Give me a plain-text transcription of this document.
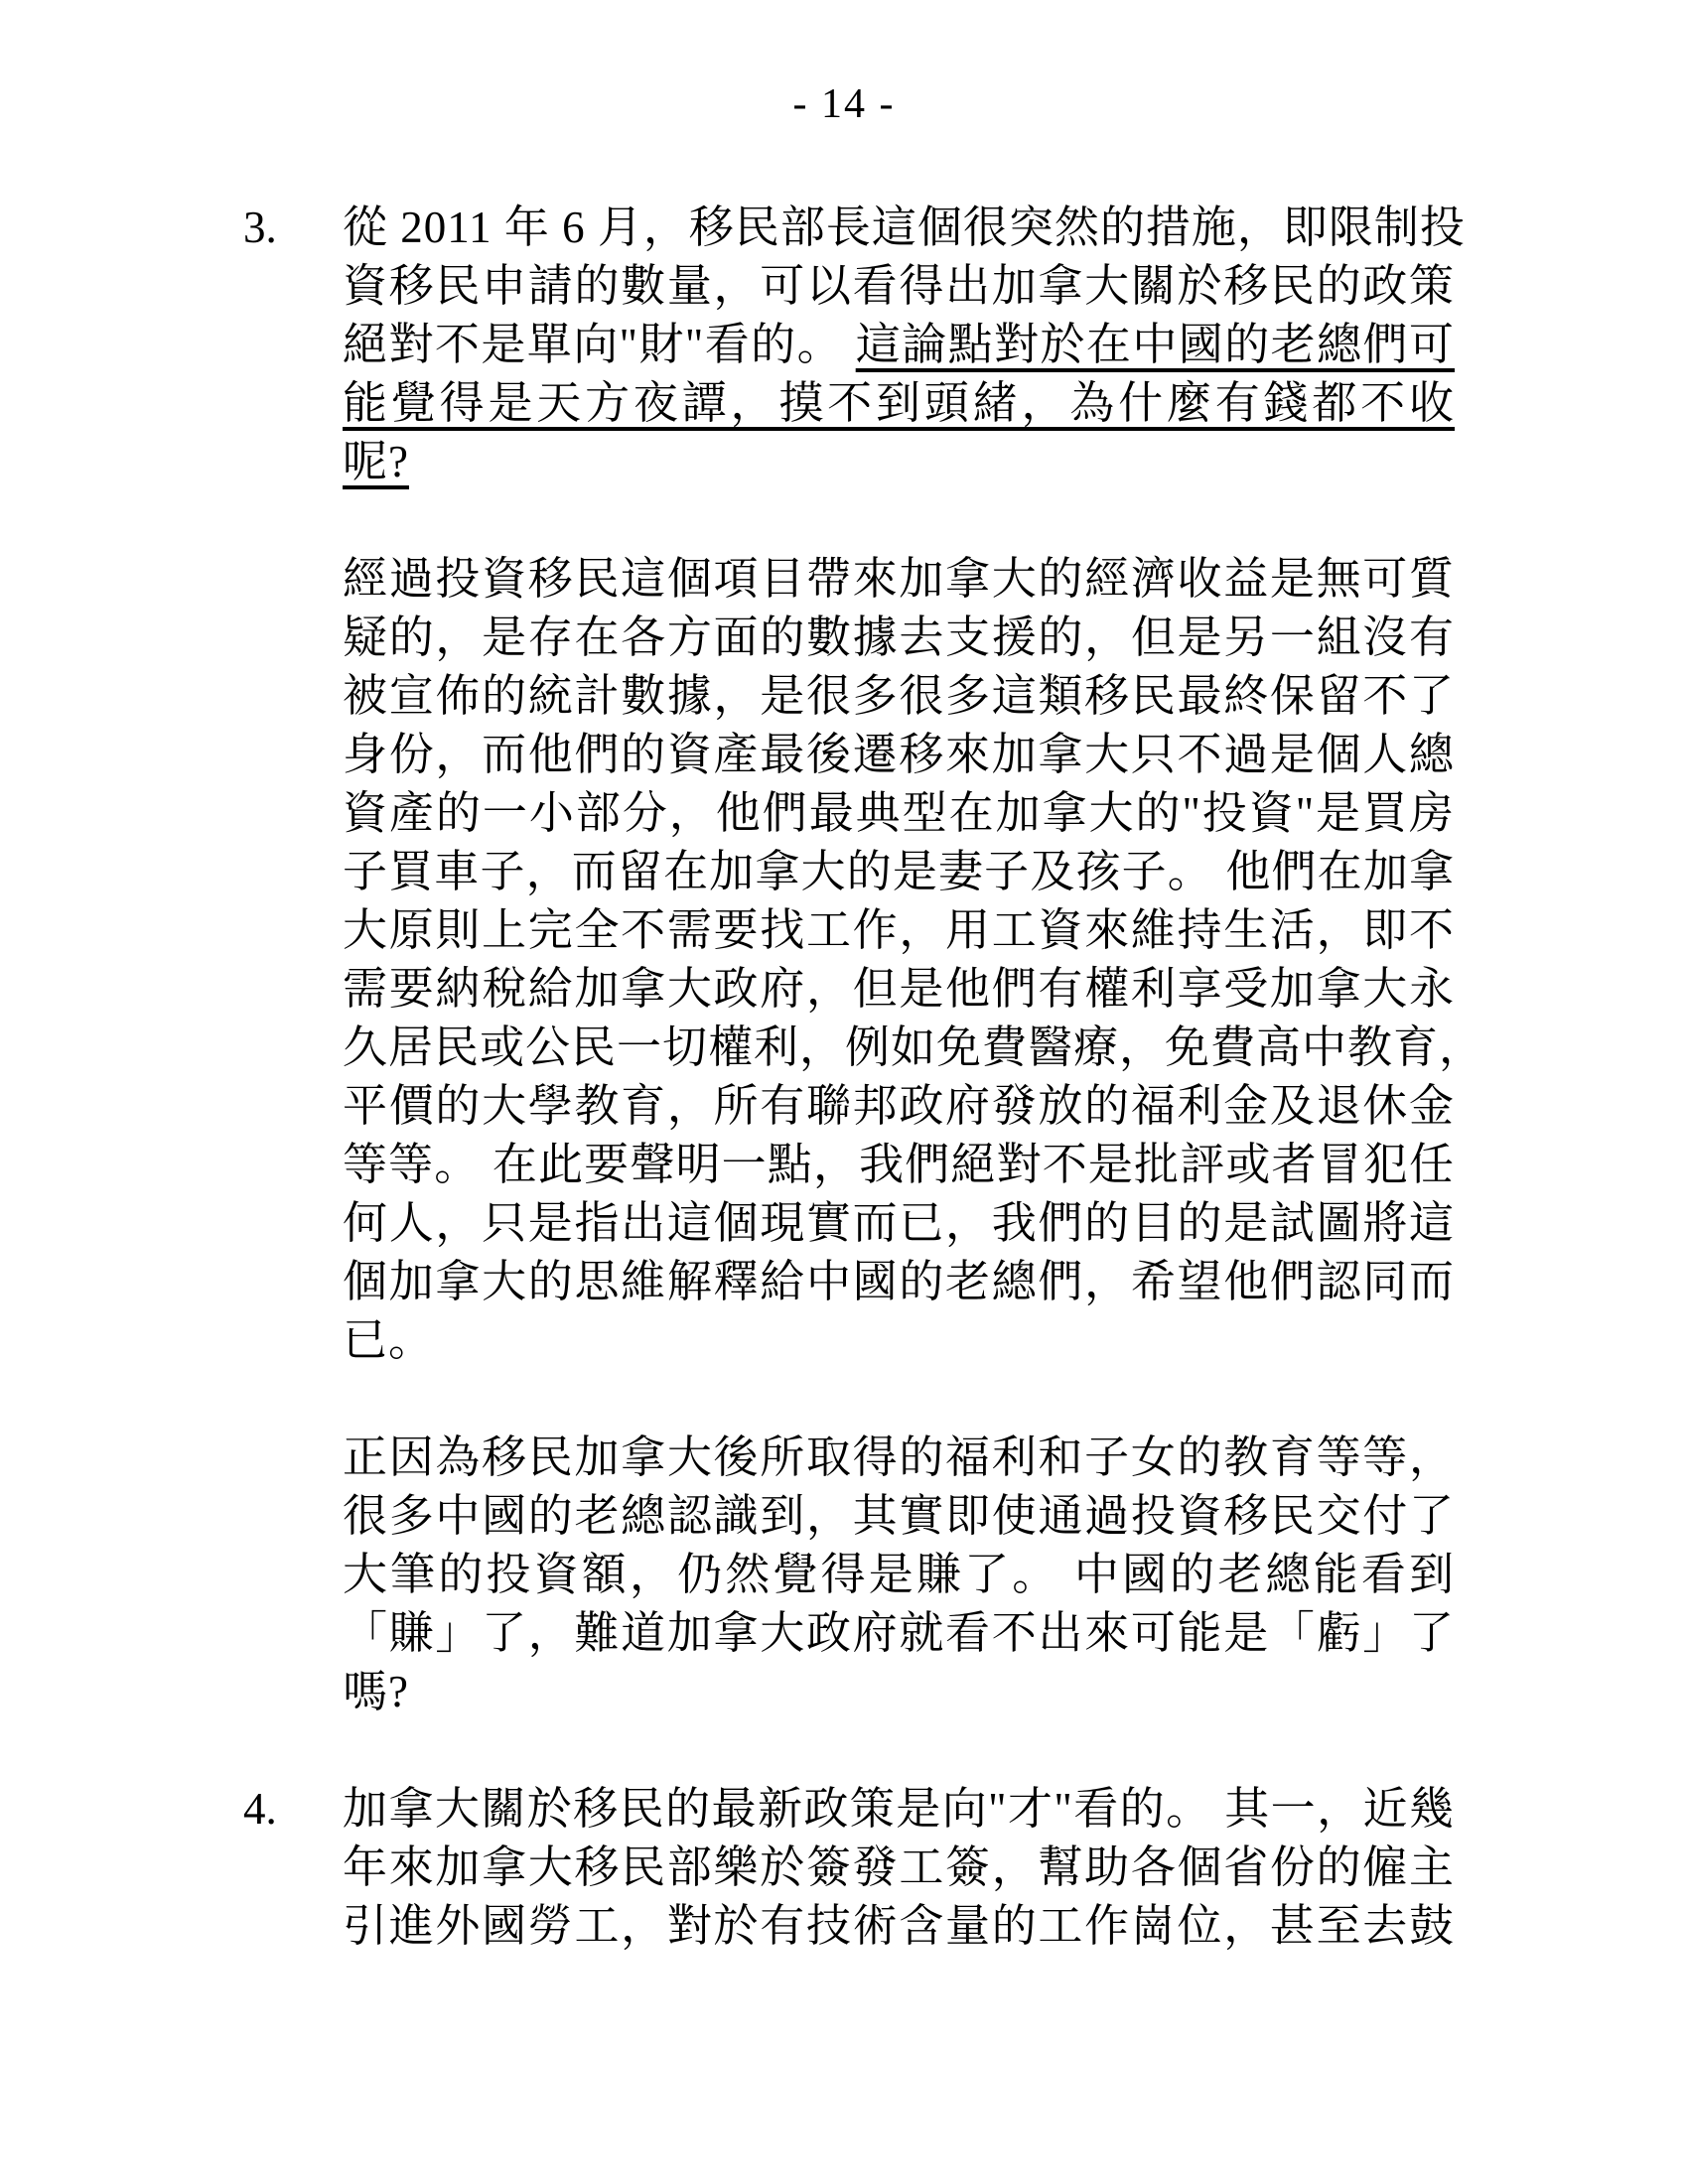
- 14 -
3. 從 2011 年 6 月，移民部長這個很突然的措施，即限制投
資移民申請的數量，可以看得出加拿大關於移民的政策
絕對不是單向"財"看的。 這論點對於在中國的老總們可
能覺得是天方夜譚，摸不到頭緒，為什麼有錢都不收
呢?
經過投資移民這個項目帶來加拿大的經濟收益是無可質
疑的，是存在各方面的數據去支援的，但是另一組沒有
被宣佈的統計數據，是很多很多這類移民最終保留不了
身份，而他們的資產最後遷移來加拿大只不過是個人總
資產的一小部分，他們最典型在加拿大的"投資"是買房
子買車子，而留在加拿大的是妻子及孩子。 他們在加拿
大原則上完全不需要找工作，用工資來維持生活，即不
需要納稅給加拿大政府，但是他們有權利享受加拿大永
久居民或公民一切權利，例如免費醫療，免費高中教育，
平價的大學教育，所有聯邦政府發放的福利金及退休金
等等。 在此要聲明一點，我們絕對不是批評或者冒犯任
何人，只是指出這個現實而已，我們的目的是試圖將這
個加拿大的思維解釋給中國的老總們，希望他們認同而
已。
正因為移民加拿大後所取得的福利和子女的教育等等，
很多中國的老總認識到，其實即使通過投資移民交付了
大筆的投資額，仍然覺得是賺了。 中國的老總能看到
「賺」了，難道加拿大政府就看不出來可能是「虧」了
嗎?
4. 加拿大關於移民的最新政策是向"才"看的。 其一，近幾
年來加拿大移民部樂於簽發工簽，幫助各個省份的僱主
引進外國勞工，對於有技術含量的工作崗位，甚至去鼓
